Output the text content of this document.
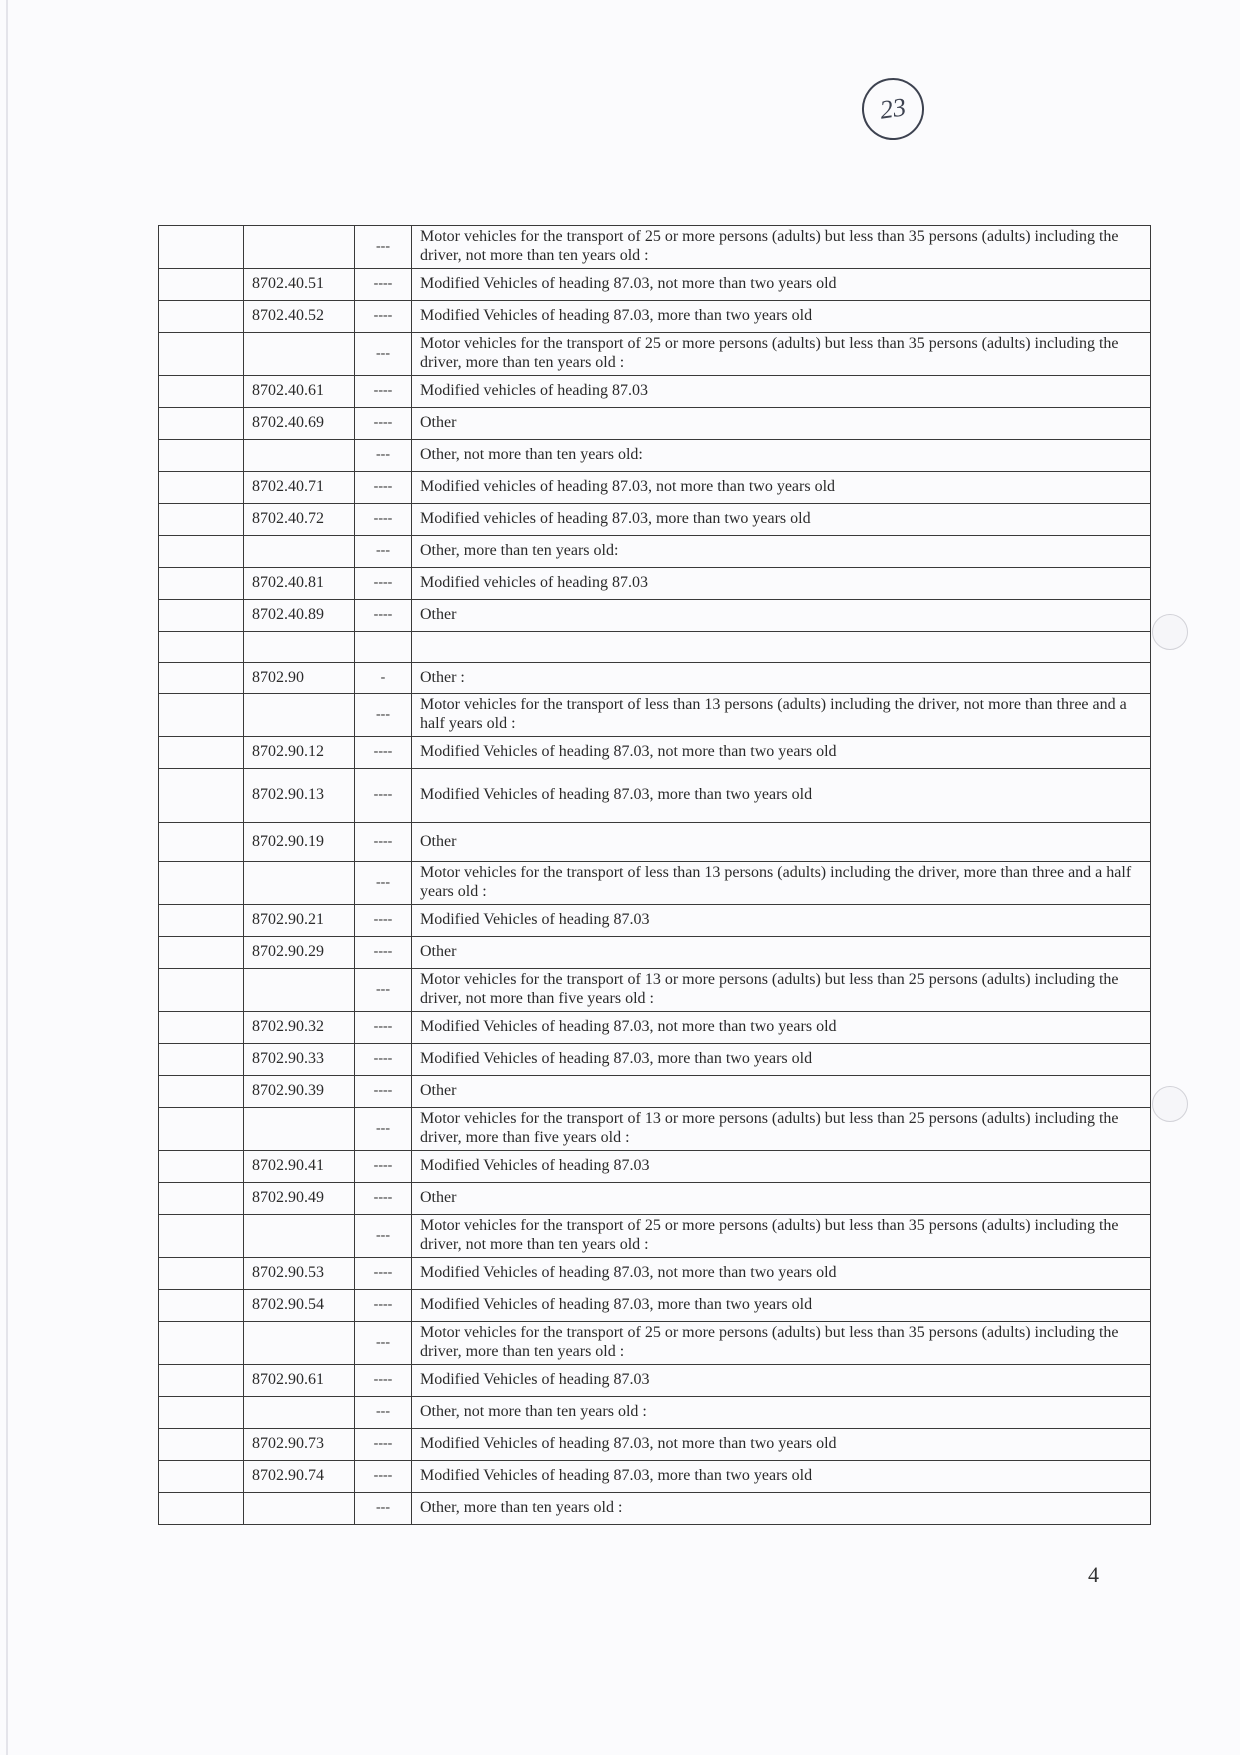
23
		---	Motor vehicles for the transport of 25 or more persons (adults) but less than 35 persons (adults) including the driver, not more than ten years old :
	8702.40.51	----	Modified Vehicles of heading 87.03, not more than two years old
	8702.40.52	----	Modified Vehicles of heading 87.03, more than two years old
		---	Motor vehicles for the transport of 25 or more persons (adults) but less than 35 persons (adults) including the driver, more than ten years old :
	8702.40.61	----	Modified vehicles of heading 87.03
	8702.40.69	----	Other
		---	Other, not more than ten years old:
	8702.40.71	----	Modified vehicles of heading 87.03, not more than two years old
	8702.40.72	----	Modified vehicles of heading 87.03, more than two years old
		---	Other, more than ten years old:
	8702.40.81	----	Modified vehicles of heading 87.03
	8702.40.89	----	Other

	8702.90	-	Other :
		---	Motor vehicles for the transport of less than 13 persons (adults) including the driver, not more than three and a half years old :
	8702.90.12	----	Modified Vehicles of heading 87.03, not more than two years old
	8702.90.13	----	Modified Vehicles of heading 87.03, more than two years old
	8702.90.19	----	Other
		---	Motor vehicles for the transport of less than 13 persons (adults) including the driver, more than three and a half years old :
	8702.90.21	----	Modified Vehicles of heading 87.03
	8702.90.29	----	Other
		---	Motor vehicles for the transport of 13 or more persons (adults) but less than 25 persons (adults) including the driver, not more than five years old :
	8702.90.32	----	Modified Vehicles of heading 87.03, not more than two years old
	8702.90.33	----	Modified Vehicles of heading 87.03, more than two years old
	8702.90.39	----	Other
		---	Motor vehicles for the transport of 13 or more persons (adults) but less than 25 persons (adults) including the driver, more than five years old :
	8702.90.41	----	Modified Vehicles of heading 87.03
	8702.90.49	----	Other
		---	Motor vehicles for the transport of 25 or more persons (adults) but less than 35 persons (adults) including the driver, not more than ten years old :
	8702.90.53	----	Modified Vehicles of heading 87.03, not more than two years old
	8702.90.54	----	Modified Vehicles of heading 87.03, more than two years old
		---	Motor vehicles for the transport of 25 or more persons (adults) but less than 35 persons (adults) including the driver, more than ten years old :
	8702.90.61	----	Modified Vehicles of heading 87.03
		---	Other, not more than ten years old :
	8702.90.73	----	Modified Vehicles of heading 87.03, not more than two years old
	8702.90.74	----	Modified Vehicles of heading 87.03, more than two years old
		---	Other, more than ten years old :
4
